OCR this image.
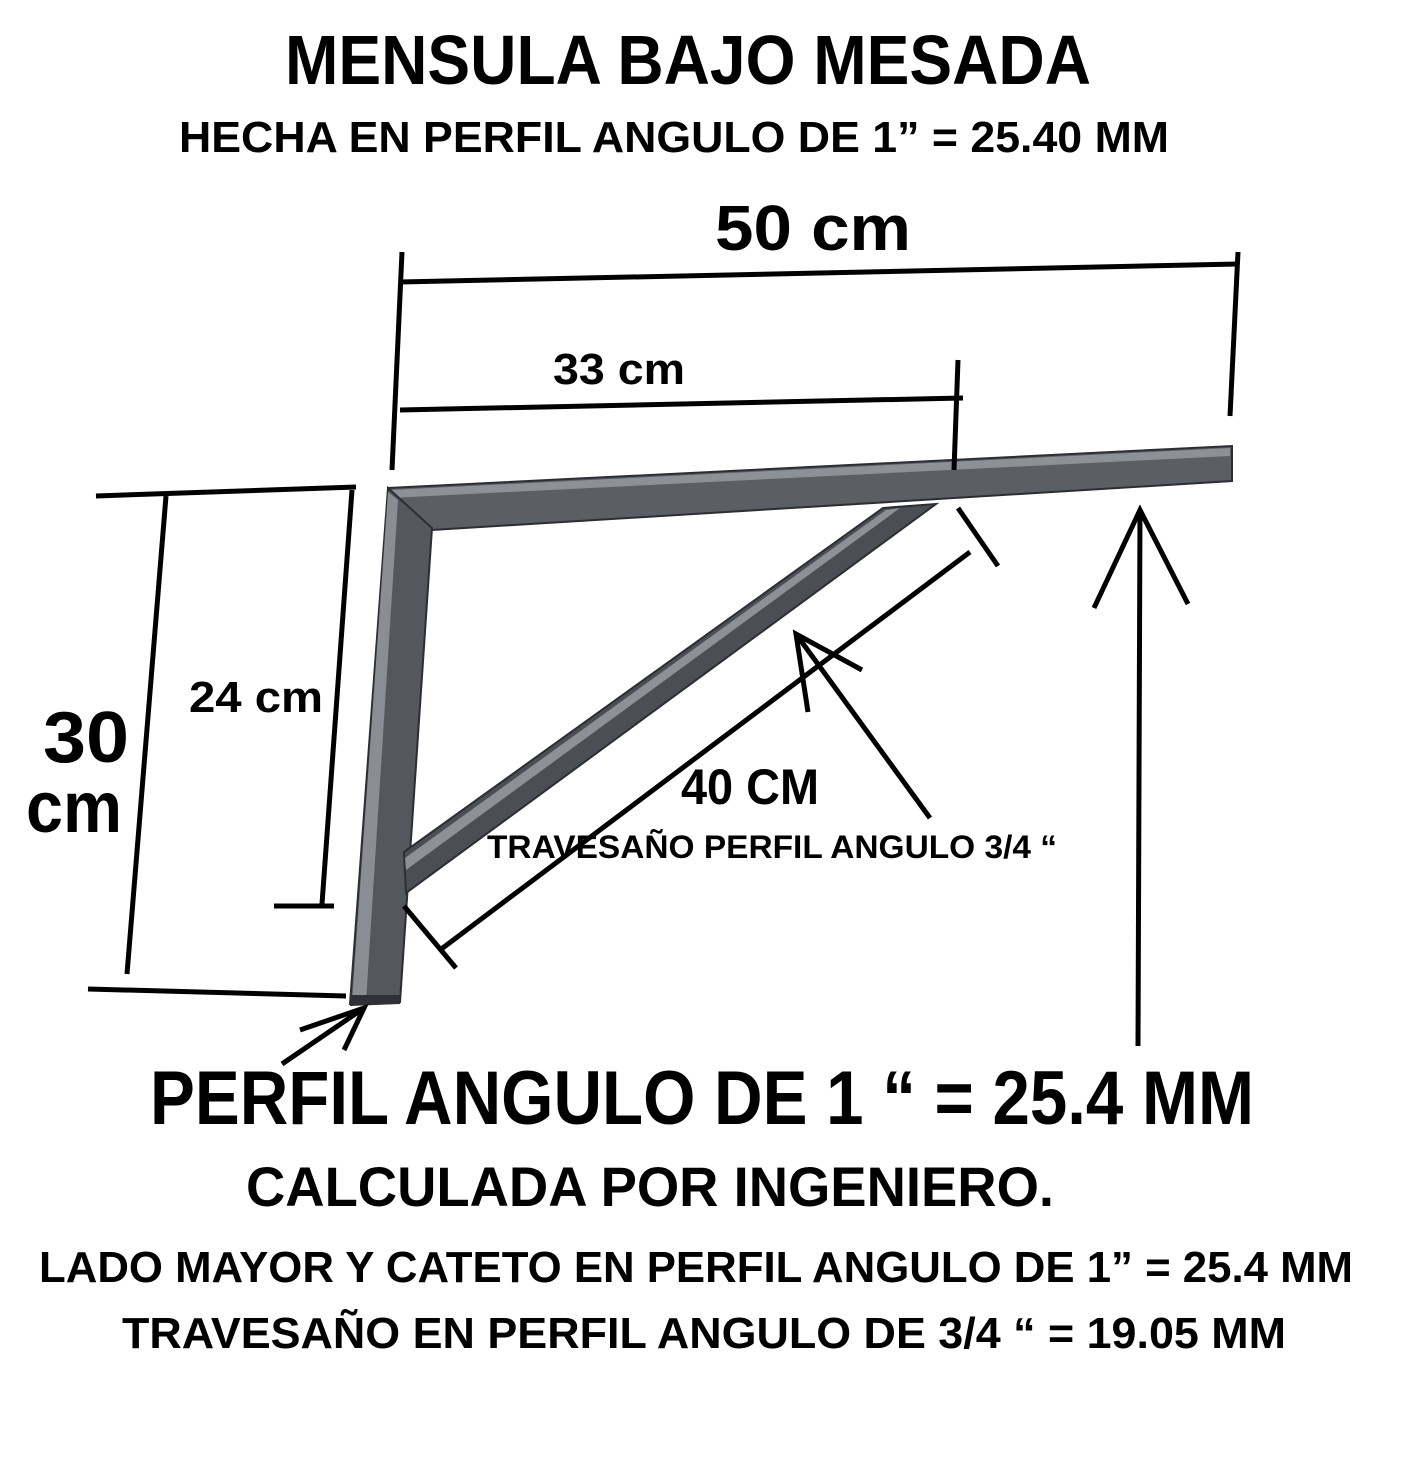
MENSULA BAJO MESADA
HECHA EN PERFIL ANGULO DE 1” = 25.40 MM
50 cm
33 cm
30
cm
24 cm
40 CM
TRAVESAÑO PERFIL ANGULO 3/4 “
PERFIL ANGULO DE 1 “ = 25.4 MM
CALCULADA POR INGENIERO.
LADO MAYOR Y CATETO EN PERFIL ANGULO DE 1” = 25.4 MM
TRAVESAÑO EN PERFIL ANGULO DE 3/4 “ = 19.05 MM
